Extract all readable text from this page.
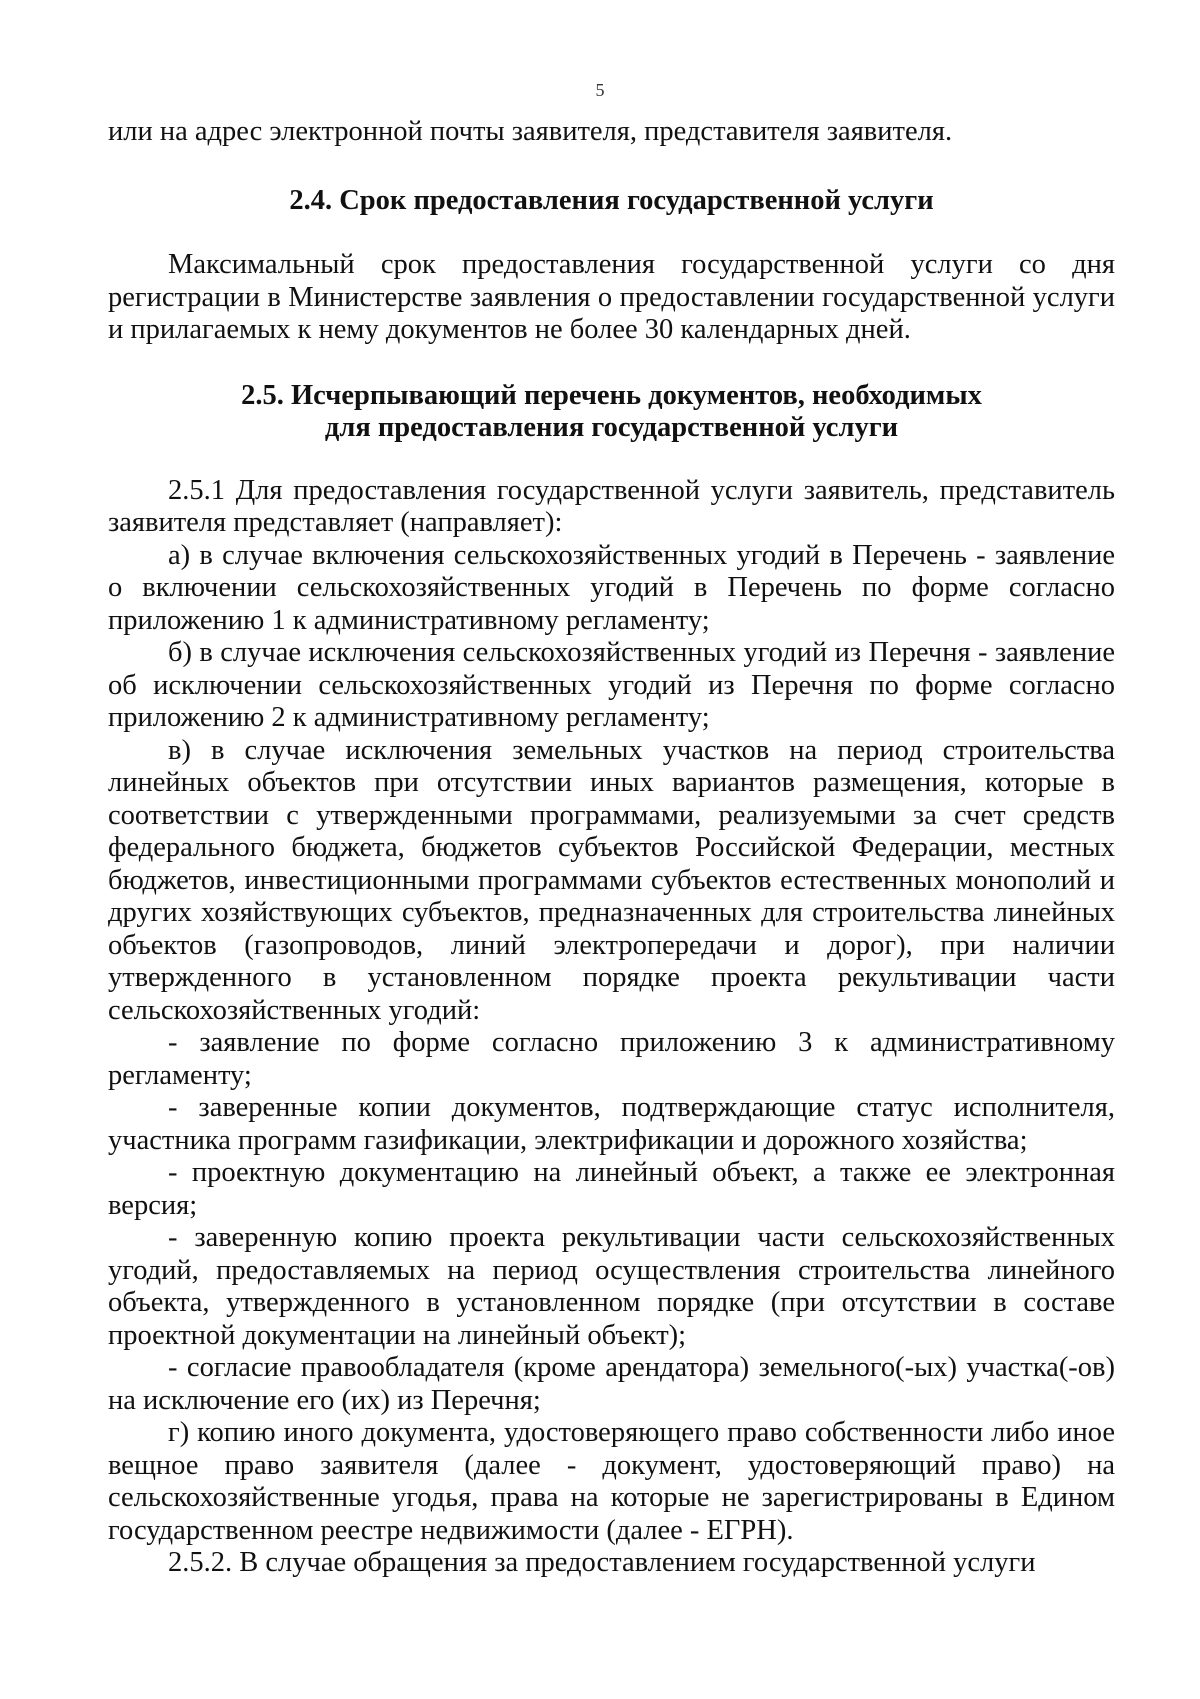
5

или на адрес электронной почты заявителя, представителя заявителя.

2.4. Срок предоставления государственной услуги

Максимальный срок предоставления государственной услуги со дня регистрации в Министерстве заявления о предоставлении государственной услуги и прилагаемых к нему документов не более 30 календарных дней.

2.5. Исчерпывающий перечень документов, необходимых
для предоставления государственной услуги

2.5.1 Для предоставления государственной услуги заявитель, представитель заявителя представляет (направляет):

а) в случае включения сельскохозяйственных угодий в Перечень - заявление о включении сельскохозяйственных угодий в Перечень по форме согласно приложению 1 к административному регламенту;

б) в случае исключения сельскохозяйственных угодий из Перечня - заявление об исключении сельскохозяйственных угодий из Перечня по форме согласно приложению 2 к административному регламенту;

в) в случае исключения земельных участков на период строительства линейных объектов при отсутствии иных вариантов размещения, которые в соответствии с утвержденными программами, реализуемыми за счет средств федерального бюджета, бюджетов субъектов Российской Федерации, местных бюджетов, инвестиционными программами субъектов естественных монополий и других хозяйствующих субъектов, предназначенных для строительства линейных объектов (газопроводов, линий электропередачи и дорог), при наличии утвержденного в установленном порядке проекта рекультивации части сельскохозяйственных угодий:

- заявление по форме согласно приложению 3 к административному регламенту;

- заверенные копии документов, подтверждающие статус исполнителя, участника программ газификации, электрификации и дорожного хозяйства;

- проектную документацию на линейный объект, а также ее электронная версия;

- заверенную копию проекта рекультивации части сельскохозяйственных угодий, предоставляемых на период осуществления строительства линейного объекта, утвержденного в установленном порядке (при отсутствии в составе проектной документации на линейный объект);

- согласие правообладателя (кроме арендатора) земельного(-ых) участка(-ов) на исключение его (их) из Перечня;

г) копию иного документа, удостоверяющего право собственности либо иное вещное право заявителя (далее - документ, удостоверяющий право) на сельскохозяйственные угодья, права на которые не зарегистрированы в Едином государственном реестре недвижимости (далее - ЕГРН).

2.5.2. В случае обращения за предоставлением государственной услуги
